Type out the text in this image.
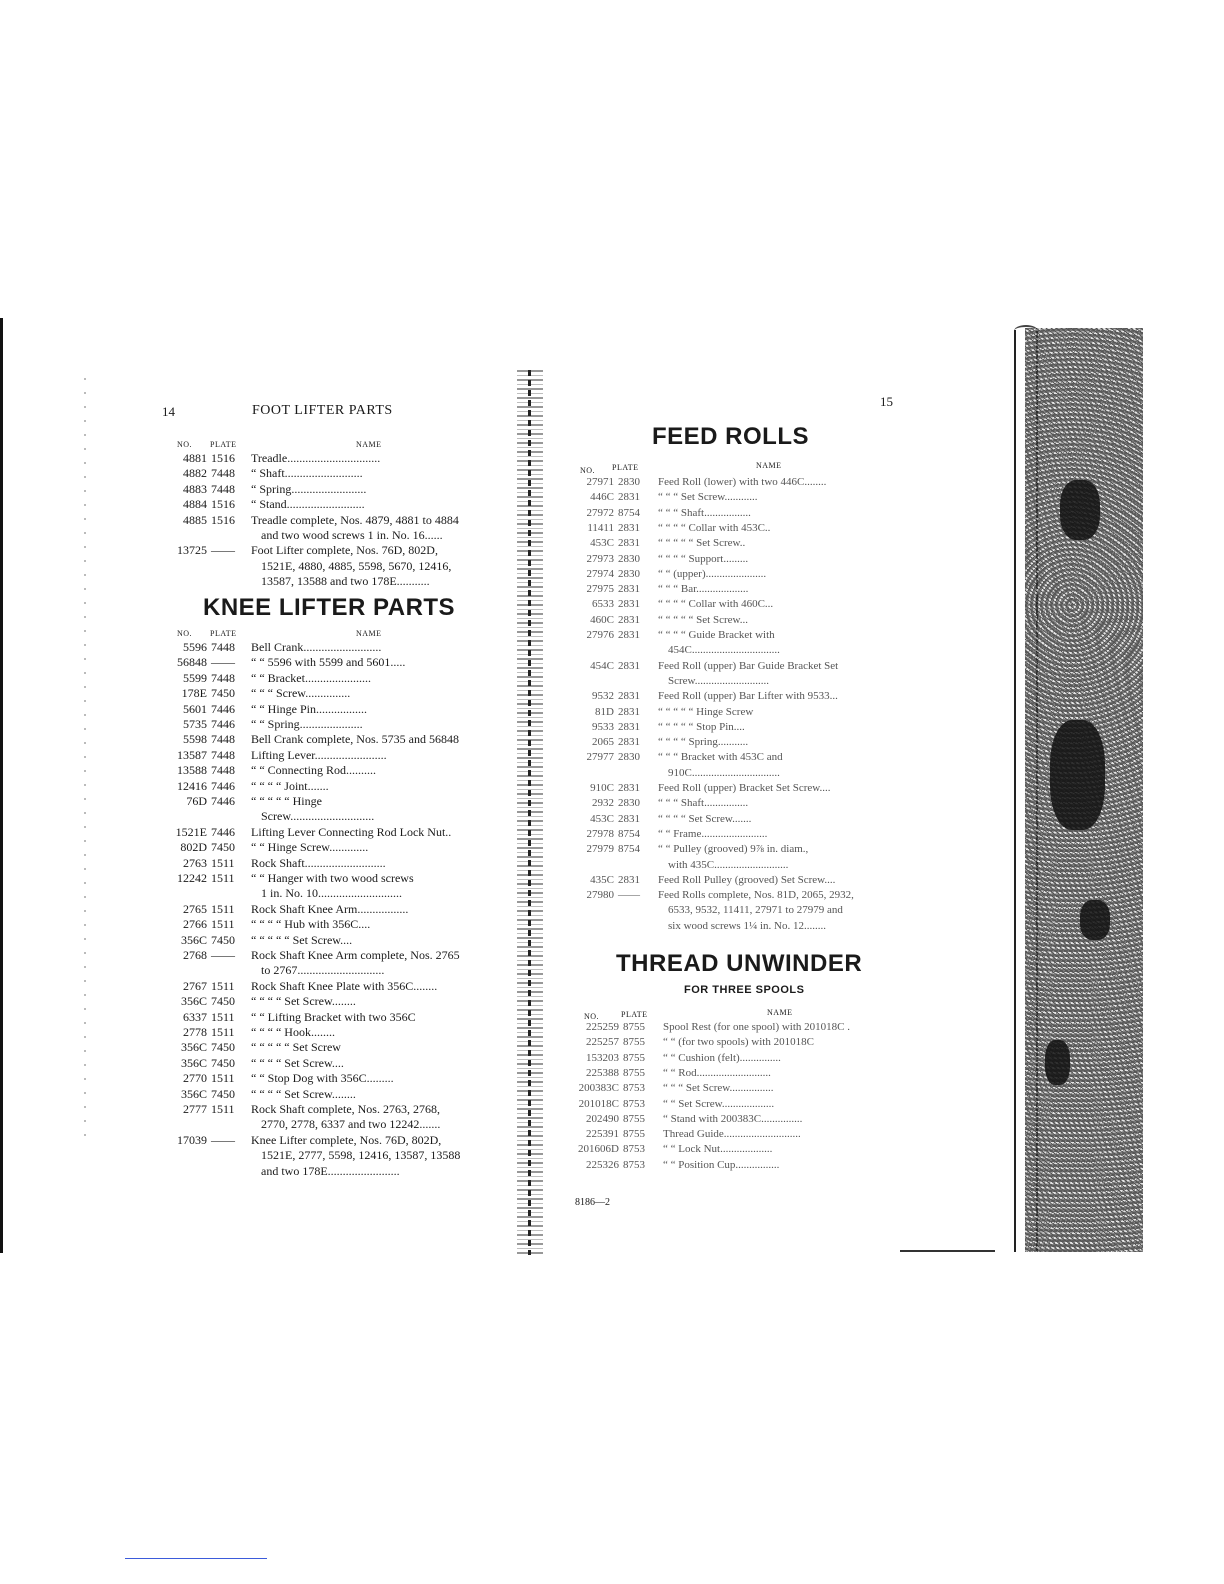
14	FOOT LIFTER PARTS
NO. PLATE	NAME
4881 1516	Treadle...............................
4882 7448	“ Shaft..........................
4883 7448	“ Spring.........................
4884 1516	“ Stand..........................
4885 1516	Treadle complete, Nos. 4879, 4881 to 4884
and two wood screws 1 in. No. 16......
13725 ——	Foot Lifter complete, Nos. 76D, 802D,
1521E, 4880, 4885, 5598, 5670, 12416,
13587, 13588 and two 178E...........
KNEE LIFTER PARTS
NO. PLATE	NAME
5596 7448	Bell Crank..........................
56848 ——	“ “ 5596 with 5599 and 5601.....
5599 7448	“ “ Bracket......................
178E 7450	“ “ “ Screw...............
5601 7446	“ “ Hinge Pin.................
5735 7446	“ “ Spring.....................
5598 7448	Bell Crank complete, Nos. 5735 and 56848
13587 7448	Lifting Lever........................
13588 7448	“ “ Connecting Rod..........
12416 7446	“ “ “ “ Joint.......
76D 7446	“ “ “ “ “ Hinge
Screw............................
1521E 7446	Lifting Lever Connecting Rod Lock Nut..
802D 7450	“ “ Hinge Screw.............
2763 1511	Rock Shaft...........................
12242 1511	“ “ Hanger with two wood screws
1 in. No. 10............................
2765 1511	Rock Shaft Knee Arm.................
2766 1511	“ “ “ “ Hub with 356C....
356C 7450	“ “ “ “ “ Set Screw....
2768 ——	Rock Shaft Knee Arm complete, Nos. 2765
to 2767.............................
2767 1511	Rock Shaft Knee Plate with 356C........
356C 7450	“ “ “ “ Set Screw........
6337 1511	“ “ Lifting Bracket with two 356C
2778 1511	“ “ “ “ Hook........
356C 7450	“ “ “ “ “ Set Screw
356C 7450	“ “ “ “ Set Screw....
2770 1511	“ “ Stop Dog with 356C.........
356C 7450	“ “ “ “ Set Screw........
2777 1511	Rock Shaft complete, Nos. 2763, 2768,
2770, 2778, 6337 and two 12242.......
17039 ——	Knee Lifter complete, Nos. 76D, 802D,
1521E, 2777, 5598, 12416, 13587, 13588
and two 178E........................
15
FEED ROLLS
NO. PLATE	NAME
27971 2830	Feed Roll (lower) with two 446C........
446C 2831	“ “ “ Set Screw............
27972 8754	“ “ “ Shaft.................
11411 2831	“ “ “ “ Collar with 453C..
453C 2831	“ “ “ “ “ Set Screw..
27973 2830	“ “ “ “ Support.........
27974 2830	“ “ (upper)......................
27975 2831	“ “ “ Bar...................
6533 2831	“ “ “ “ Collar with 460C...
460C 2831	“ “ “ “ “ Set Screw...
27976 2831	“ “ “ “ Guide Bracket with
454C................................
454C 2831	Feed Roll (upper) Bar Guide Bracket Set
Screw...........................
9532 2831	Feed Roll (upper) Bar Lifter with 9533...
81D 2831	“ “ “ “ “ Hinge Screw
9533 2831	“ “ “ “ “ Stop Pin....
2065 2831	“ “ “ “ Spring...........
27977 2830	“ “ “ Bracket with 453C and
910C................................
910C 2831	Feed Roll (upper) Bracket Set Screw....
2932 2830	“ “ “ Shaft................
453C 2831	“ “ “ “ Set Screw.......
27978 8754	“ “ Frame........................
27979 8754	“ “ Pulley (grooved) 9⅞ in. diam.,
with 435C...........................
435C 2831	Feed Roll Pulley (grooved) Set Screw....
27980 ——	Feed Rolls complete, Nos. 81D, 2065, 2932,
6533, 9532, 11411, 27971 to 27979 and
six wood screws 1¼ in. No. 12........
THREAD UNWINDER
FOR THREE SPOOLS
NO.	PLATE	NAME
225259 8755	Spool Rest (for one spool) with 201018C .
225257 8755	“ “ (for two spools) with 201018C
153203 8755	“ “ Cushion (felt)...............
225388 8755	“ “ Rod...........................
200383C 8753	“ “ “ Set Screw................
201018C 8753	“ “ Set Screw...................
202490 8755	“ Stand with 200383C...............
225391 8755	Thread Guide............................
201606D 8753	“ “ Lock Nut...................
225326 8753	“ “ Position Cup................
8186—2
